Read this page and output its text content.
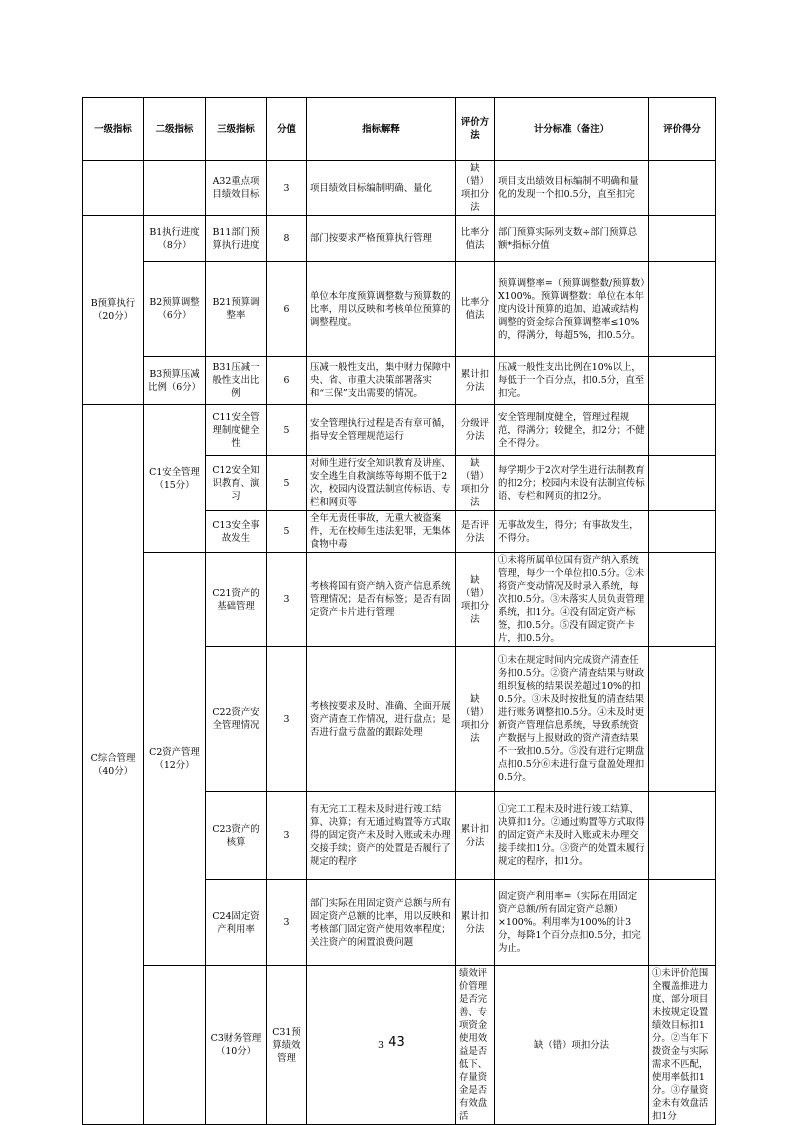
一级指标	二级指标	三级指标	分值	指标解释	评价方法	计分标准（备注）	评价得分	
		A32重点项目绩效目标	3	项目绩效目标编制明确、量化	缺（错）项扣分法	项目支出绩效目标编制不明确和量化的发现一个扣0.5分，直至扣完		
B预算执行（20分）	B1执行进度（8分）	B11部门预算执行进度	8	部门按要求严格预算执行管理	比率分值法	部门预算实际列支数÷部门预算总额*指标分值		
	B2预算调整（6分）	B21预算调整率	6	单位本年度预算调整数与预算数的比率，用以反映和考核单位预算的调整程度。	比率分值法	预算调整率=（预算调整数/预算数）X100%。预算调整数：单位在本年度内设计预算的追加、追减或结构调整的资金综合预算调整率≤10%的，得满分，每超5%，扣0.5分。		
	B3预算压减比例（6分）	B31压减一般性支出比例	6	压减一般性支出，集中财力保障中央、省、市重大决策部署落实和“三保”支出需要的情况。	累计扣分法	压减一般性支出比例在10%以上，每低于一个百分点，扣0.5分，直至扣完。		
C综合管理（40分）	C1安全管理（15分）	C11安全管理制度健全性	5	安全管理执行过程是否有章可循，指导安全管理规范运行	分级评分法	安全管理制度健全，管理过程规范，得满分；较健全，扣2分；不健全不得分。		
		C12安全知识教育、演习	5	对师生进行安全知识教育及讲座、安全逃生自救演练等每期不低于2次，校园内设置法制宣传标语、专栏和网页等	缺（错）项扣分法	每学期少于2次对学生进行法制教育的扣2分；校园内未设有法制宣传标语、专栏和网页的扣2分。		
		C13安全事故发生	5	全年无责任事故，无重大被盗案件，无在校师生违法犯罪，无集体食物中毒	是否评分法	无事故发生，得分；有事故发生，不得分。		
	C2资产管理（12分）	C21资产的基础管理	3	考核将国有资产纳入资产信息系统管理情况；是否有标签；是否有固定资产卡片进行管理	缺（错）项扣分法	①未将所属单位国有资产纳入系统管理，每少一个单位扣0.5分。②未将资产变动情况及时录入系统，每次扣0.5分。③未落实人员负责管理系统，扣1分。④没有固定资产标签，扣0.5分。⑤没有固定资产卡片，扣0.5分。		
		C22资产安全管理情况	3	考核按要求及时、准确、全面开展资产清查工作情况，进行盘点；是否进行盘亏盘盈的跟踪处理	缺（错）项扣分法	①未在规定时间内完成资产清查任务扣0.5分。②资产清查结果与财政组织复核的结果误差超过10%的扣0.5分。③未及时按批复的清查结果进行账务调整扣0.5分。④未及时更新资产管理信息系统，导致系统资产数据与上报财政的资产清查结果不一致扣0.5分。⑤没有进行定期盘点扣0.5分⑥未进行盘亏盘盈处理扣0.5分。		
		C23资产的核算	3	有无完工工程未及时进行竣工结算、决算；有无通过购置等方式取得的固定资产未及时入账或未办理交接手续；资产的处置是否履行了规定的程序	累计扣分法	①完工工程未及时进行竣工结算、决算扣1分。②通过购置等方式取得的固定资产未及时入账或未办理交接手续扣1分。③资产的处置未履行规定的程序，扣1分。		
		C24固定资产利用率	3	部门实际在用固定资产总额与所有固定资产总额的比率，用以反映和考核部门固定资产使用效率程度；关注资产的闲置浪费问题	累计扣分法	固定资产利用率=（实际在用固定资产总额/所有固定资产总额）×100%。利用率为100%的计3分，每降1个百分点扣0.5分，扣完为止。		
		C3财务管理（10分）	C31预算绩效管理	3	绩效评价管理是否完善、专项资金使用效益是否低下、存量资金是否有效盘活	缺（错）项扣分法	①未评价范围全覆盖推进力度、部分项目未按规定设置绩效目标扣1分。②当年下拨资金与实际需求不匹配，使用率低扣1分。③存量资金未有效盘活扣1分	
43
